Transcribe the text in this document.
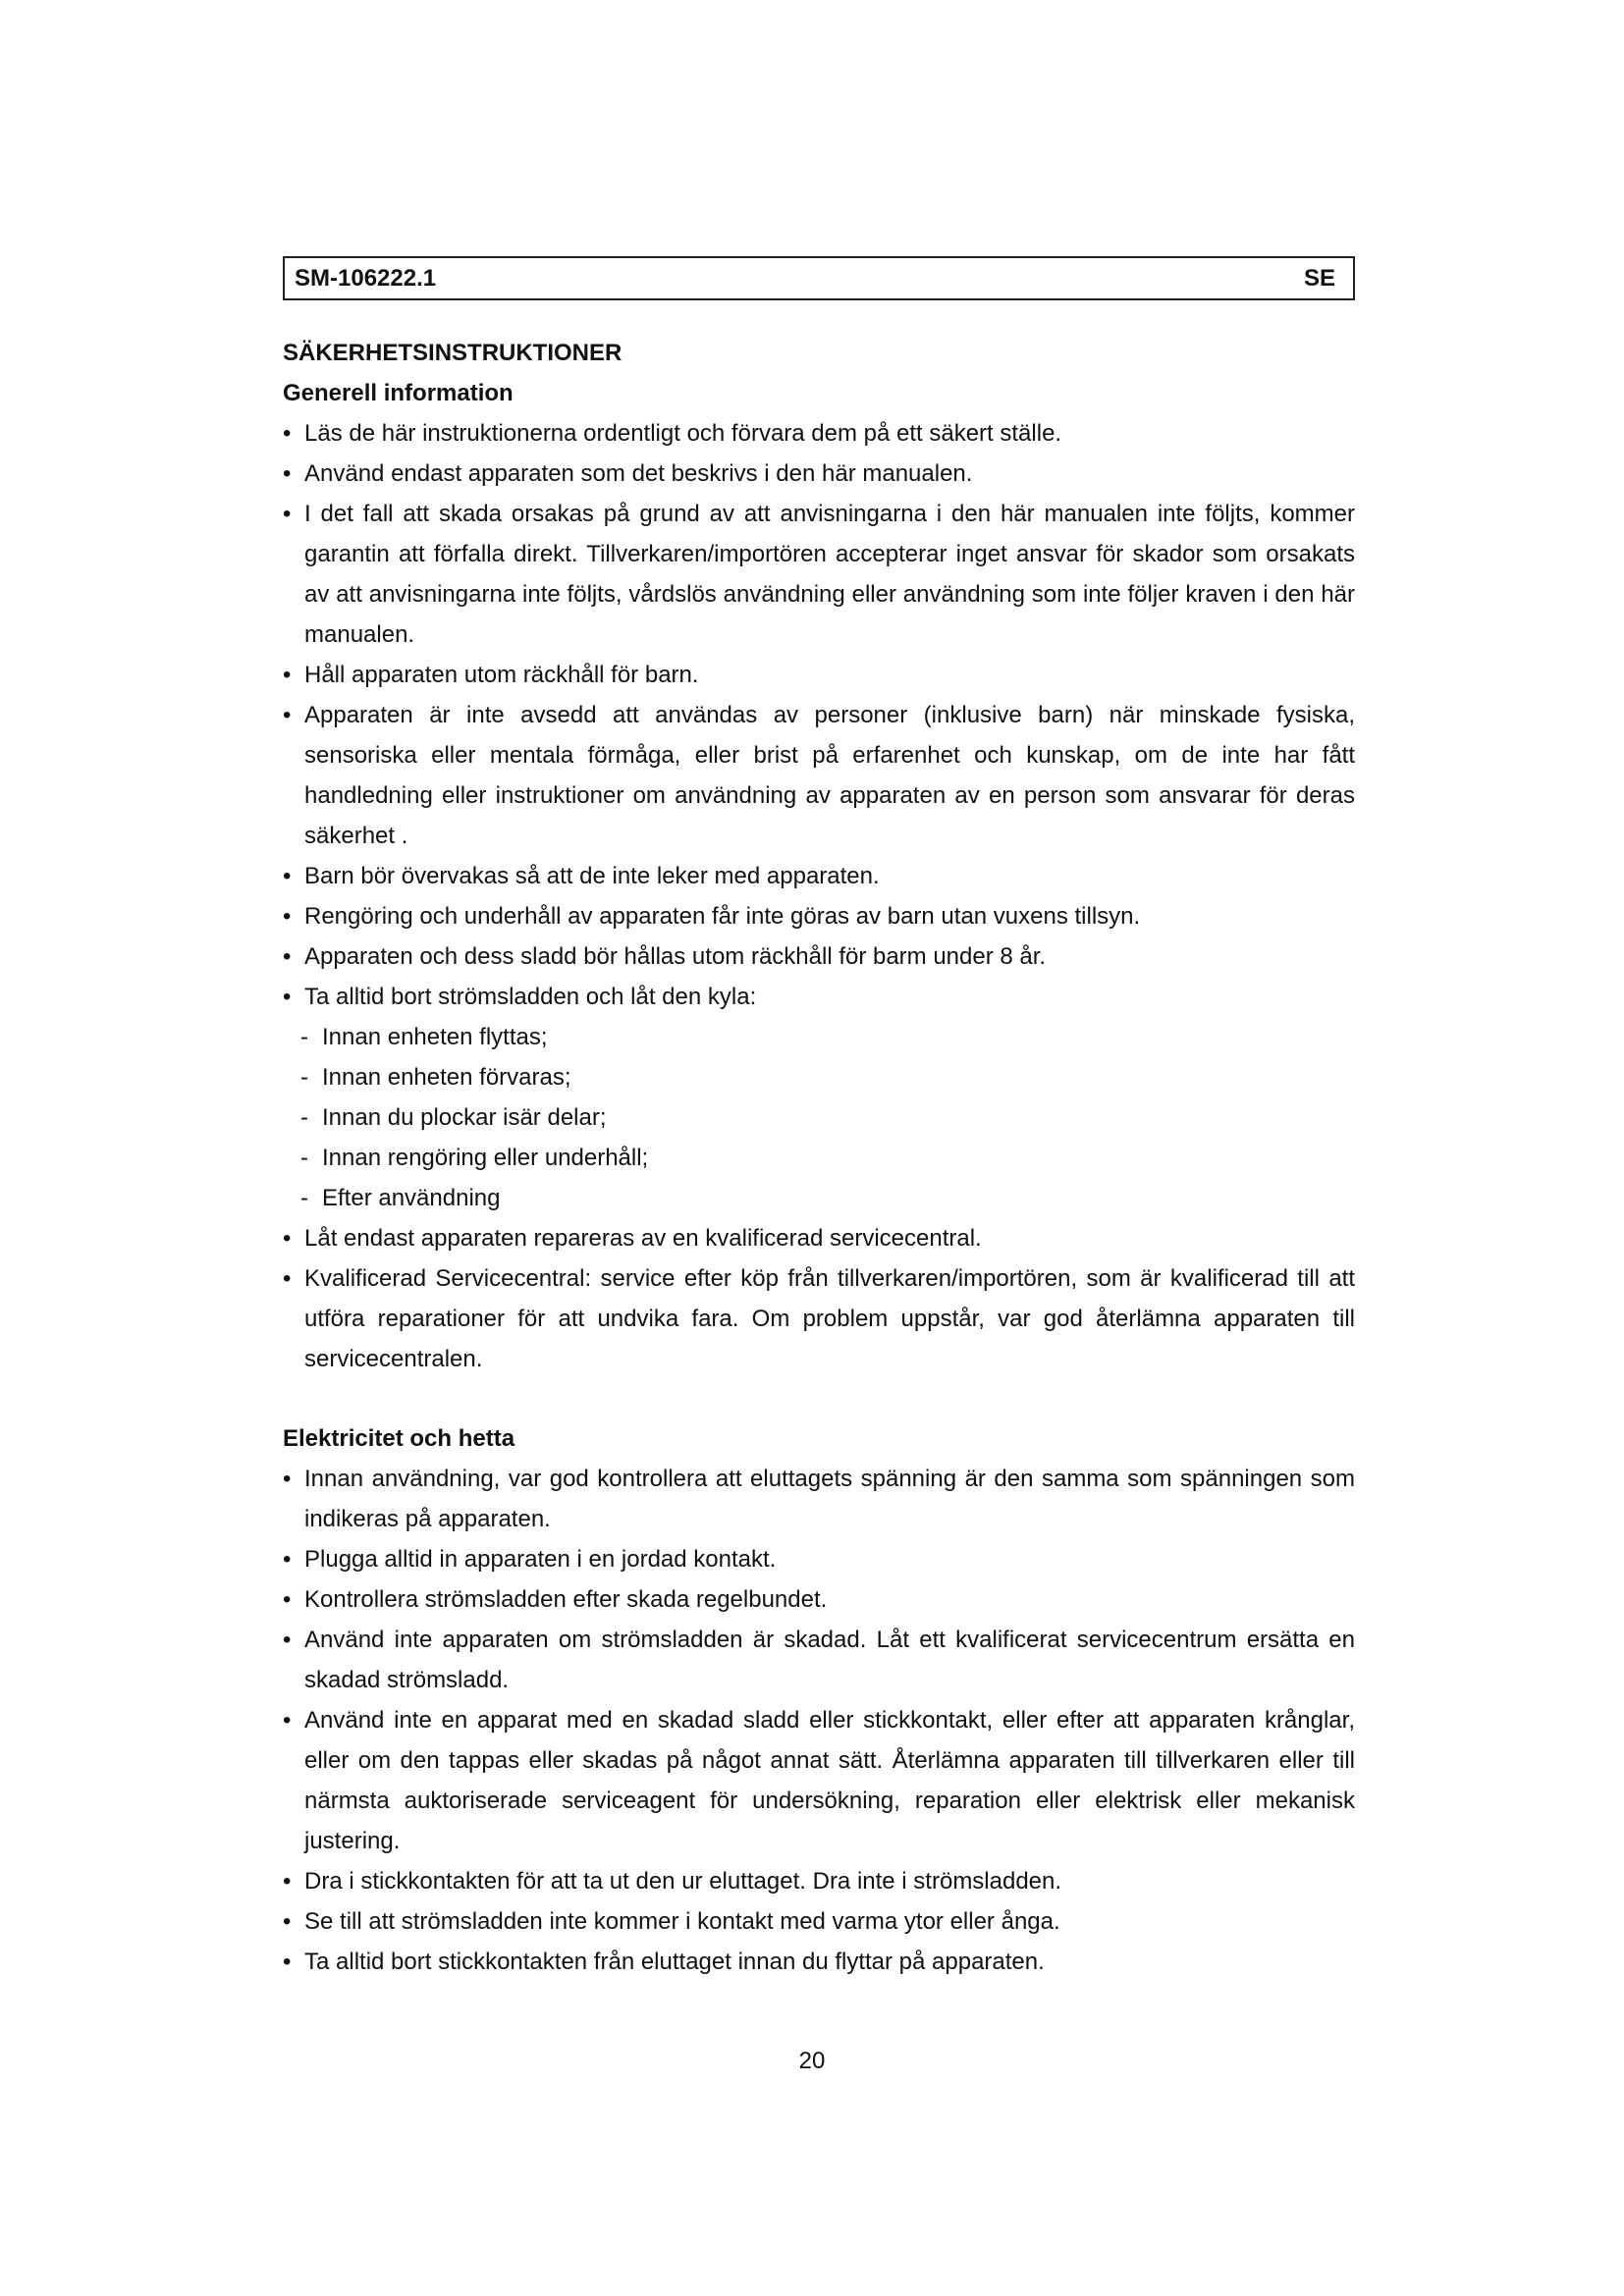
SM-106222.1	SE
SÄKERHETSINSTRUKTIONER
Generell information
• Läs de här instruktionerna ordentligt och förvara dem på ett säkert ställe.
• Använd endast apparaten som det beskrivs i den här manualen.
• I det fall att skada orsakas på grund av att anvisningarna i den här manualen inte följts, kommer garantin att förfalla direkt. Tillverkaren/importören accepterar inget ansvar för skador som orsakats av att anvisningarna inte följts, vårdslös användning eller användning som inte följer kraven i den här manualen.
• Håll apparaten utom räckhåll för barn.
• Apparaten är inte avsedd att användas av personer (inklusive barn) när minskade fysiska, sensoriska eller mentala förmåga, eller brist på erfarenhet och kunskap, om de inte har fått handledning eller instruktioner om användning av apparaten av en person som ansvarar för deras säkerhet .
• Barn bör övervakas så att de inte leker med apparaten.
• Rengöring och underhåll av apparaten får inte göras av barn utan vuxens tillsyn.
• Apparaten och dess sladd bör hållas utom räckhåll för barm under 8 år.
• Ta alltid bort strömsladden och låt den kyla:
- Innan enheten flyttas;
- Innan enheten förvaras;
- Innan du plockar isär delar;
- Innan rengöring eller underhåll;
- Efter användning
• Låt endast apparaten repareras av en kvalificerad servicecentral.
• Kvalificerad Servicecentral: service efter köp från tillverkaren/importören, som är kvalificerad till att utföra reparationer för att undvika fara. Om problem uppstår, var god återlämna apparaten till servicecentralen.
Elektricitet och hetta
• Innan användning, var god kontrollera att eluttagets spänning är den samma som spänningen som indikeras på apparaten.
• Plugga alltid in apparaten i en jordad kontakt.
• Kontrollera strömsladden efter skada regelbundet.
• Använd inte apparaten om strömsladden är skadad. Låt ett kvalificerat servicecentrum ersätta en skadad strömsladd.
• Använd inte en apparat med en skadad sladd eller stickkontakt, eller efter att apparaten krånglar, eller om den tappas eller skadas på något annat sätt. Återlämna apparaten till tillverkaren eller till närmsta auktoriserade serviceagent för undersökning, reparation eller elektrisk eller mekanisk justering.
• Dra i stickkontakten för att ta ut den ur eluttaget. Dra inte i strömsladden.
• Se till att strömsladden inte kommer i kontakt med varma ytor eller ånga.
• Ta alltid bort stickkontakten från eluttaget innan du flyttar på apparaten.
20
